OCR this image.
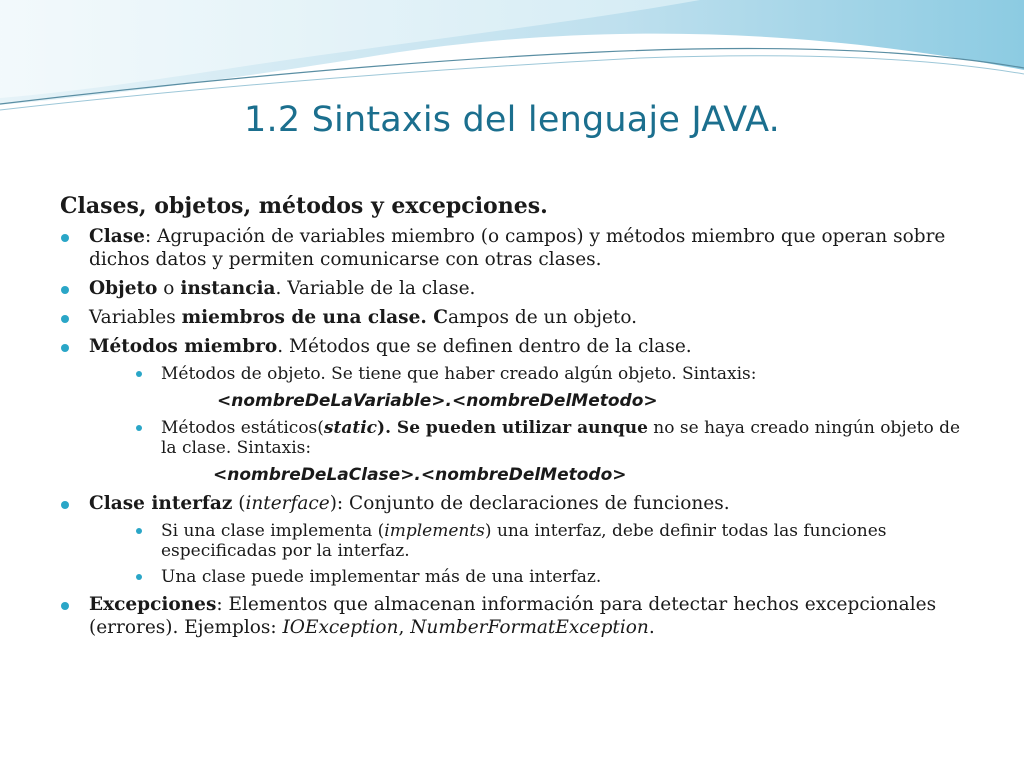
1.2 Sintaxis del lenguaje JAVA.
Clases, objetos, métodos y excepciones.
Clase: Agrupación de variables miembro (o campos) y métodos miembro que operan sobre dichos datos y permiten comunicarse con otras clases.
Objeto o instancia. Variable de la clase.
Variables miembros de una clase. Campos de un objeto.
Métodos miembro. Métodos que se definen dentro de la clase.
Métodos de objeto. Se tiene que haber creado algún objeto. Sintaxis:
<nombreDeLaVariable>.<nombreDelMetodo>
Métodos estáticos(static). Se pueden utilizar aunque no se haya creado ningún objeto de la clase. Sintaxis:
<nombreDeLaClase>.<nombreDelMetodo>
Clase interfaz (interface): Conjunto de declaraciones de funciones.
Si una clase implementa (implements) una interfaz, debe definir todas las funciones especificadas por la interfaz.
Una clase puede implementar más de una interfaz.
Excepciones: Elementos que almacenan información para detectar hechos excepcionales (errores). Ejemplos: IOException, NumberFormatException.
